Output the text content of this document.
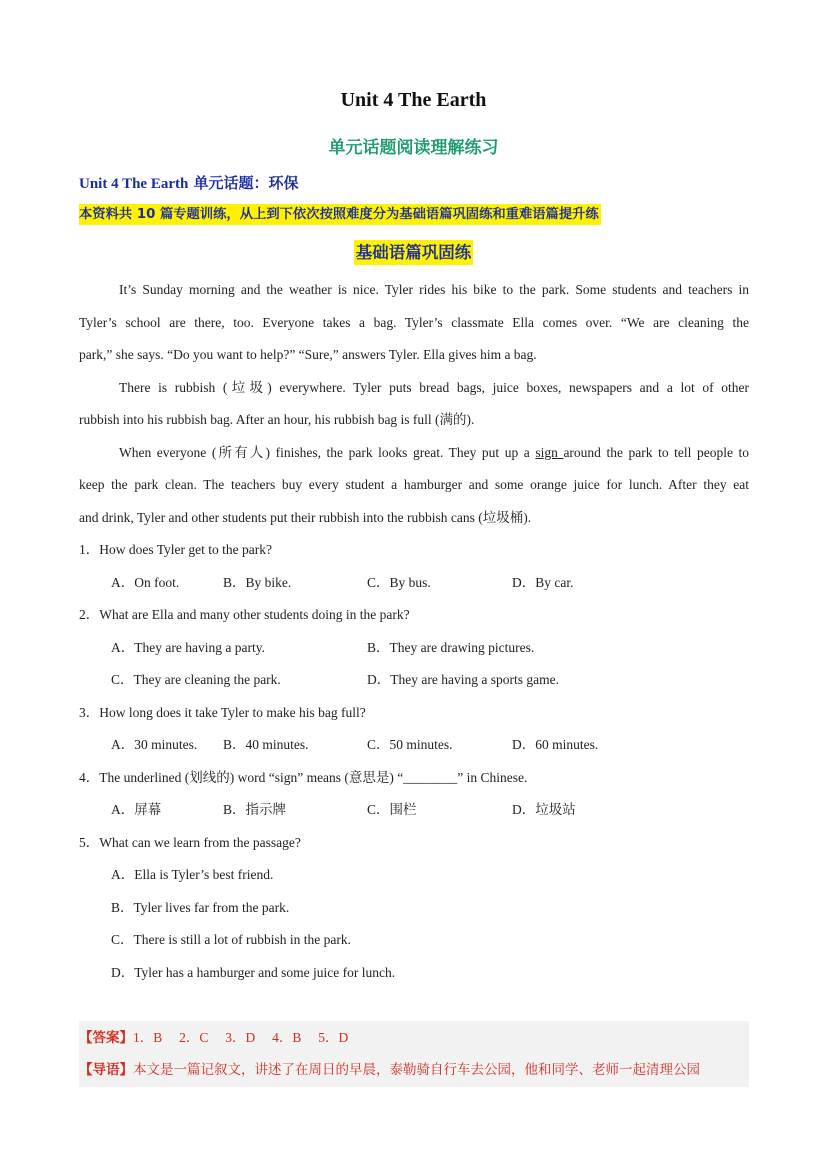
Unit 4 The Earth
单元话题阅读理解练习
Unit 4 The Earth 单元话题：环保
本资料共 10 篇专题训练，从上到下依次按照难度分为基础语篇巩固练和重难语篇提升练
基础语篇巩固练
It’s Sunday morning and the weather is nice. Tyler rides his bike to the park. Some students and teachers in
Tyler’s school are there, too. Everyone takes a bag. Tyler’s classmate Ella comes over. “We are cleaning the
park,” she says. “Do you want to help?” “Sure,” answers Tyler. Ella gives him a bag.
There is rubbish (垃圾) everywhere. Tyler puts bread bags, juice boxes, newspapers and a lot of other
rubbish into his rubbish bag. After an hour, his rubbish bag is full (满的).
When everyone (所有人) finishes, the park looks great. They put up a sign around the park to tell people to
keep the park clean. The teachers buy every student a hamburger and some orange juice for lunch. After they eat
and drink, Tyler and other students put their rubbish into the rubbish cans (垃圾桶).
1．How does Tyler get to the park?
A．On foot.	B．By bike.	C．By bus.	D．By car.
2．What are Ella and many other students doing in the park?
A．They are having a party.	B．They are drawing pictures.
C．They are cleaning the park.	D．They are having a sports game.
3．How long does it take Tyler to make his bag full?
A．30 minutes. B．40 minutes.	C．50 minutes.	D．60 minutes.
4．The underlined (划线的) word “sign” means (意思是) “________” in Chinese.
A．屏幕	B．指示牌	C．围栏	D．垃圾站
5．What can we learn from the passage?
A．Ella is Tyler’s best friend.
B．Tyler lives far from the park.
C．There is still a lot of rubbish in the park.
D．Tyler has a hamburger and some juice for lunch.
【答案】1．B　 2．C　 3．D　 4．B　 5．D
【导语】本文是一篇记叙文，讲述了在周日的早晨，泰勒骑自行车去公园，他和同学、老师一起清理公园
